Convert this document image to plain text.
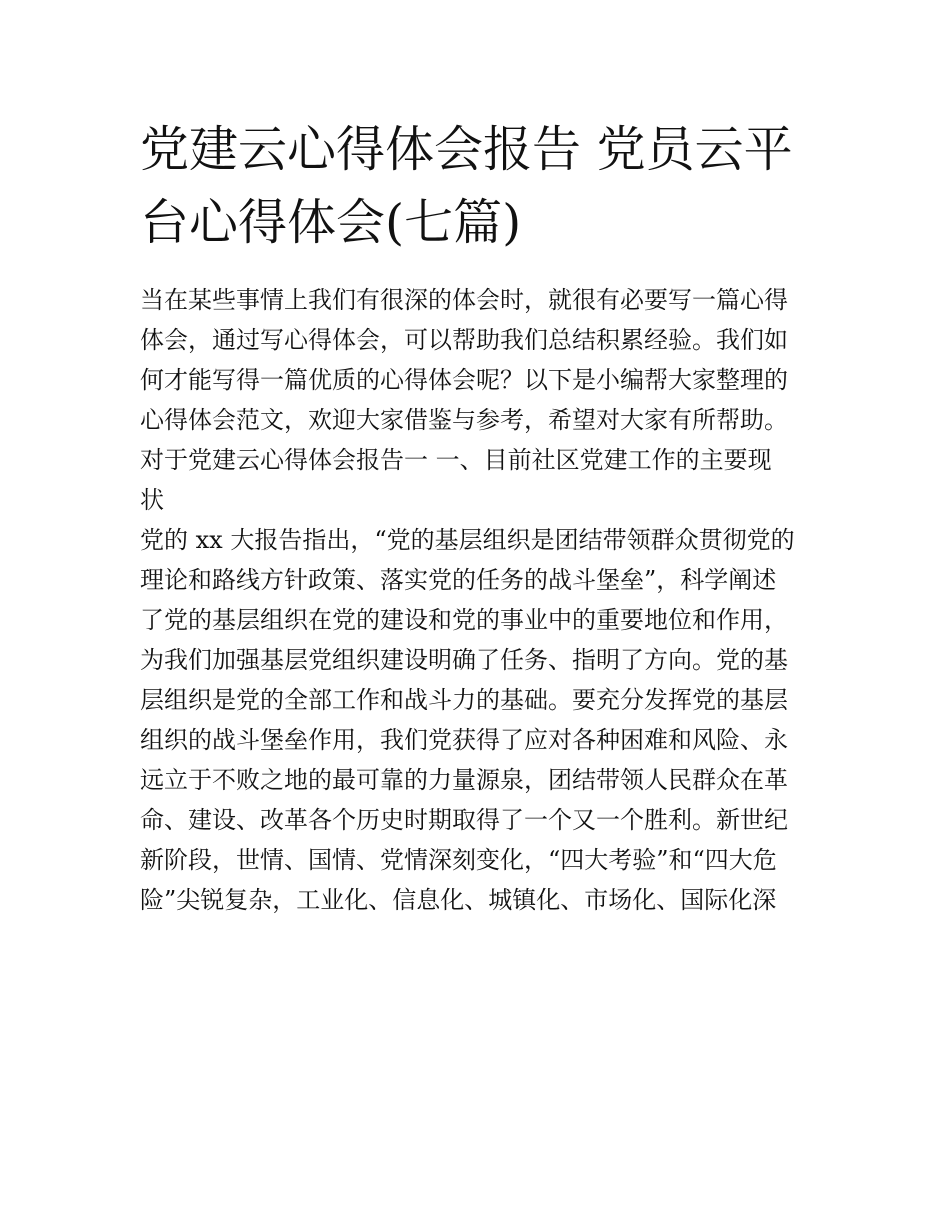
党建云心得体会报告 党员云平
台心得体会(七篇)

当在某些事情上我们有很深的体会时，就很有必要写一篇心得
体会，通过写心得体会，可以帮助我们总结积累经验。我们如
何才能写得一篇优质的心得体会呢？以下是小编帮大家整理的
心得体会范文，欢迎大家借鉴与参考，希望对大家有所帮助。

对于党建云心得体会报告一 一、目前社区党建工作的主要现
状

党的 xx 大报告指出，“党的基层组织是团结带领群众贯彻党的
理论和路线方针政策、落实党的任务的战斗堡垒”，科学阐述
了党的基层组织在党的建设和党的事业中的重要地位和作用，
为我们加强基层党组织建设明确了任务、指明了方向。党的基
层组织是党的全部工作和战斗力的基础。要充分发挥党的基层
组织的战斗堡垒作用，我们党获得了应对各种困难和风险、永
远立于不败之地的最可靠的力量源泉，团结带领人民群众在革
命、建设、改革各个历史时期取得了一个又一个胜利。新世纪
新阶段，世情、国情、党情深刻变化，“四大考验”和“四大危
险”尖锐复杂，工业化、信息化、城镇化、市场化、国际化深
